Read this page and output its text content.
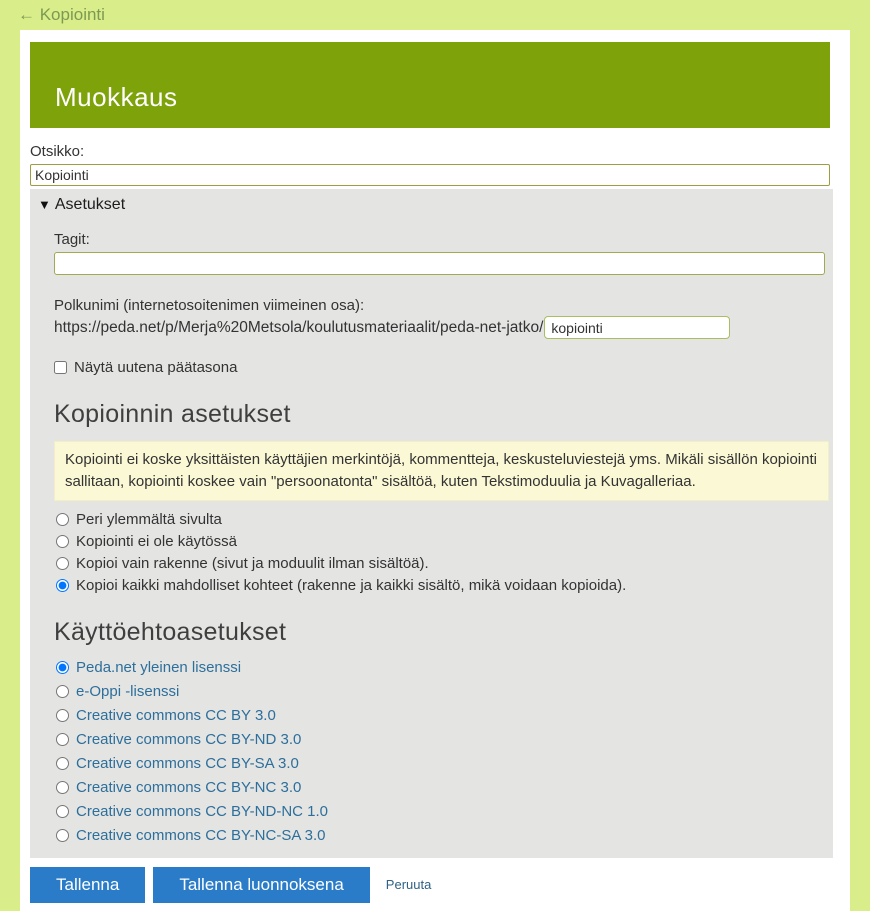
← Kopiointi
Muokkaus
Otsikko:
Kopiointi
▼ Asetukset
Tagit:
Polkunimi (internetosoitenimen viimeinen osa):
https://peda.net/p/Merja%20Metsola/koulutusmateriaalit/peda-net-jatko/
kopiointi
Näytä uutena päätasona
Kopioinnin asetukset
Kopiointi ei koske yksittäisten käyttäjien merkintöjä, kommentteja, keskusteluviestejä yms. Mikäli sisällön kopiointi sallitaan, kopiointi koskee vain "persoonatonta" sisältöä, kuten Tekstimoduulia ja Kuvagalleriaa.
Peri ylemmältä sivulta
Kopiointi ei ole käytössä
Kopioi vain rakenne (sivut ja moduulit ilman sisältöä).
Kopioi kaikki mahdolliset kohteet (rakenne ja kaikki sisältö, mikä voidaan kopioida).
Käyttöehtoasetukset
Peda.net yleinen lisenssi
e-Oppi -lisenssi
Creative commons CC BY 3.0
Creative commons CC BY-ND 3.0
Creative commons CC BY-SA 3.0
Creative commons CC BY-NC 3.0
Creative commons CC BY-ND-NC 1.0
Creative commons CC BY-NC-SA 3.0
Tallenna	Tallenna luonnoksena	Peruuta
